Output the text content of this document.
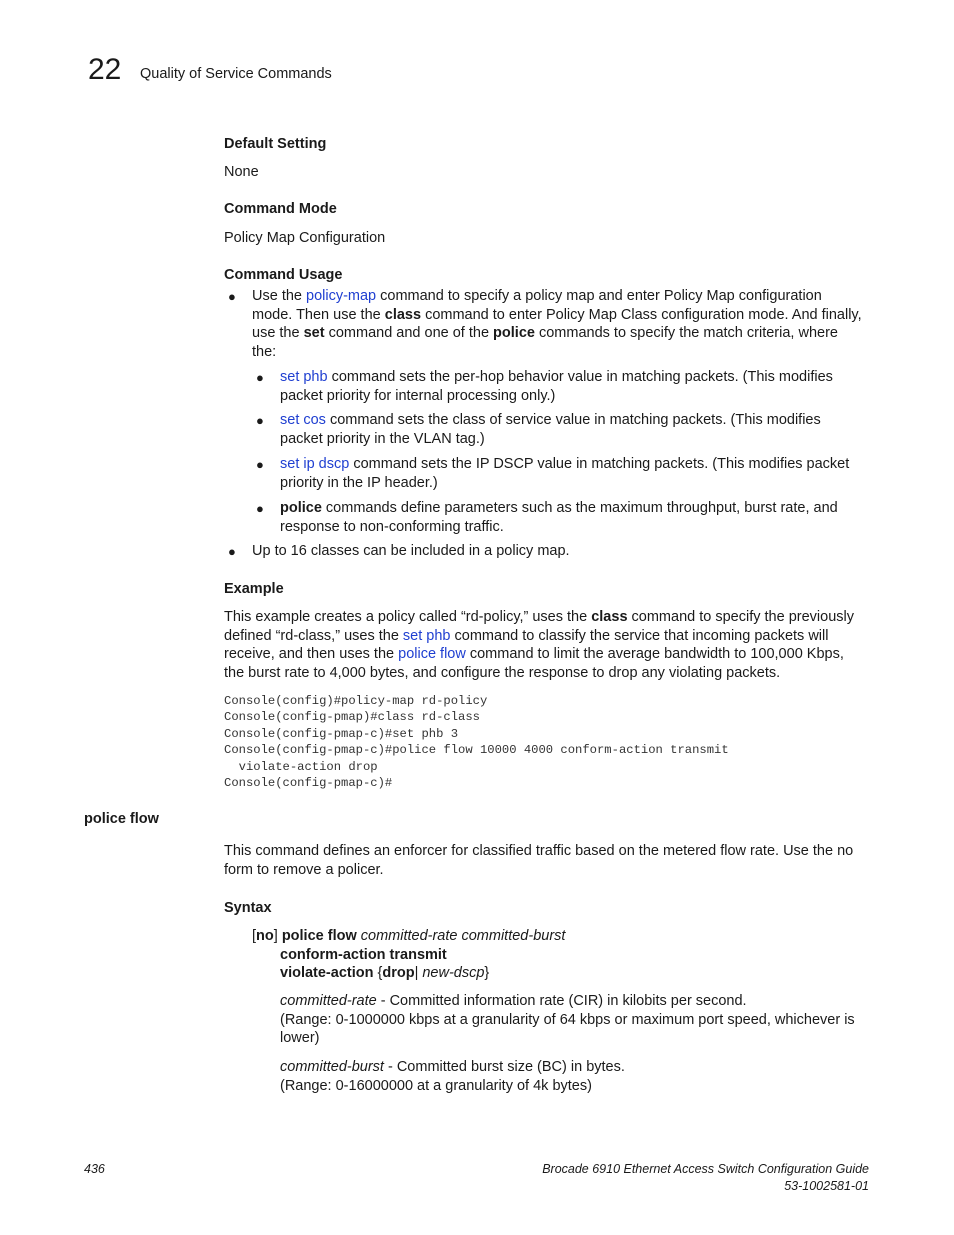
22 Quality of Service Commands
Default Setting
None
Command Mode
Policy Map Configuration
Command Usage
● Use the policy-map command to specify a policy map and enter Policy Map configuration
mode. Then use the class command to enter Policy Map Class configuration mode. And finally,
use the set command and one of the police commands to specify the match criteria, where
the:
● set phb command sets the per-hop behavior value in matching packets. (This modifies
packet priority for internal processing only.)
● set cos command sets the class of service value in matching packets. (This modifies
packet priority in the VLAN tag.)
● set ip dscp command sets the IP DSCP value in matching packets. (This modifies packet
priority in the IP header.)
● police commands define parameters such as the maximum throughput, burst rate, and
response to non-conforming traffic.
● Up to 16 classes can be included in a policy map.
Example
This example creates a policy called “rd-policy,” uses the class command to specify the previously
defined “rd-class,” uses the set phb command to classify the service that incoming packets will
receive, and then uses the police flow command to limit the average bandwidth to 100,000 Kbps,
the burst rate to 4,000 bytes, and configure the response to drop any violating packets.
Console(config)#policy-map rd-policy
Console(config-pmap)#class rd-class
Console(config-pmap-c)#set phb 3
Console(config-pmap-c)#police flow 10000 4000 conform-action transmit
violate-action drop
Console(config-pmap-c)#
police flow
This command defines an enforcer for classified traffic based on the metered flow rate. Use the no
form to remove a policer.
Syntax
[no] police flow committed-rate committed-burst
conform-action transmit
violate-action {drop| new-dscp}
committed-rate - Committed information rate (CIR) in kilobits per second.
(Range: 0-1000000 kbps at a granularity of 64 kbps or maximum port speed, whichever is
lower)
committed-burst - Committed burst size (BC) in bytes.
(Range: 0-16000000 at a granularity of 4k bytes)
436	Brocade 6910 Ethernet Access Switch Configuration Guide
53-1002581-01
